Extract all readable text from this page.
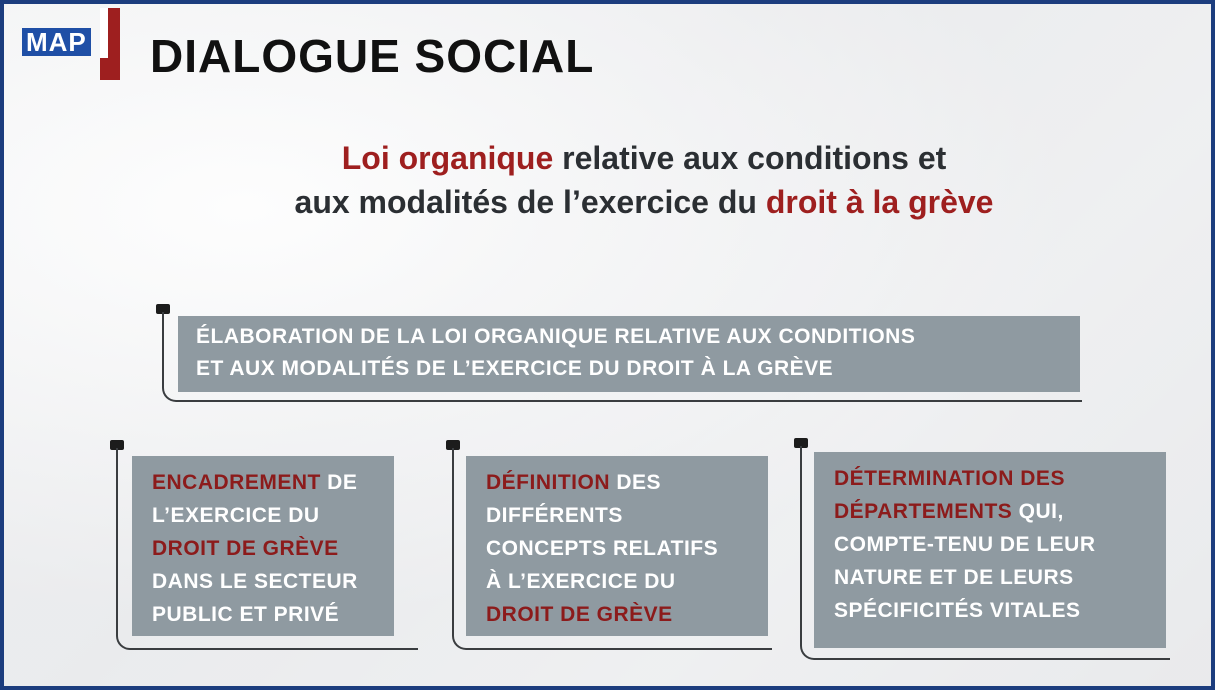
MAP DIALOGUE SOCIAL
Loi organique relative aux conditions et
aux modalités de l’exercice du droit à la grève
ÉLABORATION DE LA LOI ORGANIQUE RELATIVE AUX CONDITIONS
ET AUX MODALITÉS DE L’EXERCICE DU DROIT À LA GRÈVE
ENCADREMENT DE
L’EXERCICE DU
DROIT DE GRÈVE
DANS LE SECTEUR
PUBLIC ET PRIVÉ
DÉFINITION DES
DIFFÉRENTS
CONCEPTS RELATIFS
À L’EXERCICE DU
DROIT DE GRÈVE
DÉTERMINATION DES
DÉPARTEMENTS QUI,
COMPTE-TENU DE LEUR
NATURE ET DE LEURS
SPÉCIFICITÉS VITALES
